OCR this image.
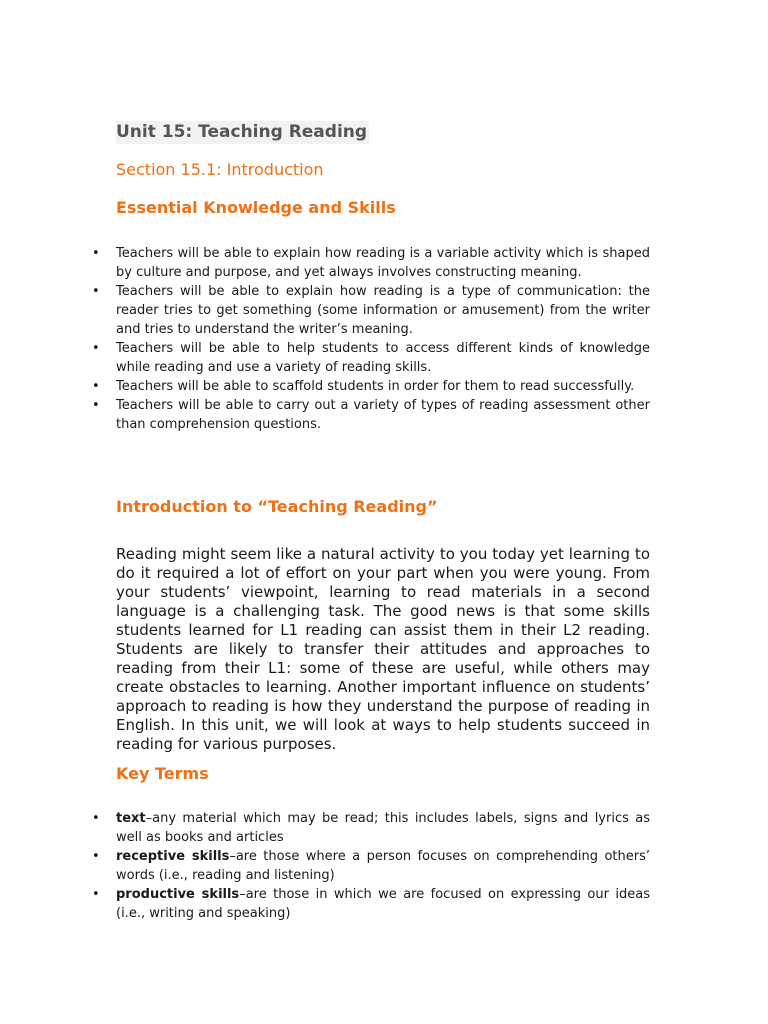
Unit 15: Teaching Reading
Section 15.1: Introduction
Essential Knowledge and Skills
• Teachers will be able to explain how reading is a variable activity which is shaped by culture and purpose, and yet always involves constructing meaning.
• Teachers will be able to explain how reading is a type of communication: the reader tries to get something (some information or amusement) from the writer and tries to understand the writer’s meaning.
• Teachers will be able to help students to access different kinds of knowledge while reading and use a variety of reading skills.
• Teachers will be able to scaffold students in order for them to read successfully.
• Teachers will be able to carry out a variety of types of reading assessment other than comprehension questions.
Introduction to “Teaching Reading”

Reading might seem like a natural activity to you today yet learning to do it required a lot of effort on your part when you were young. From your students’ viewpoint, learning to read materials in a second language is a challenging task. The good news is that some skills students learned for L1 reading can assist them in their L2 reading. Students are likely to transfer their attitudes and approaches to reading from their L1: some of these are useful, while others may create obstacles to learning. Another important influence on students’ approach to reading is how they understand the purpose of reading in English. In this unit, we will look at ways to help students succeed in reading for various purposes.

Key Terms
• text–any material which may be read; this includes labels, signs and lyrics as well as books and articles
• receptive skills–are those where a person focuses on comprehending others’ words (i.e., reading and listening)
• productive skills–are those in which we are focused on expressing our ideas (i.e., writing and speaking)
